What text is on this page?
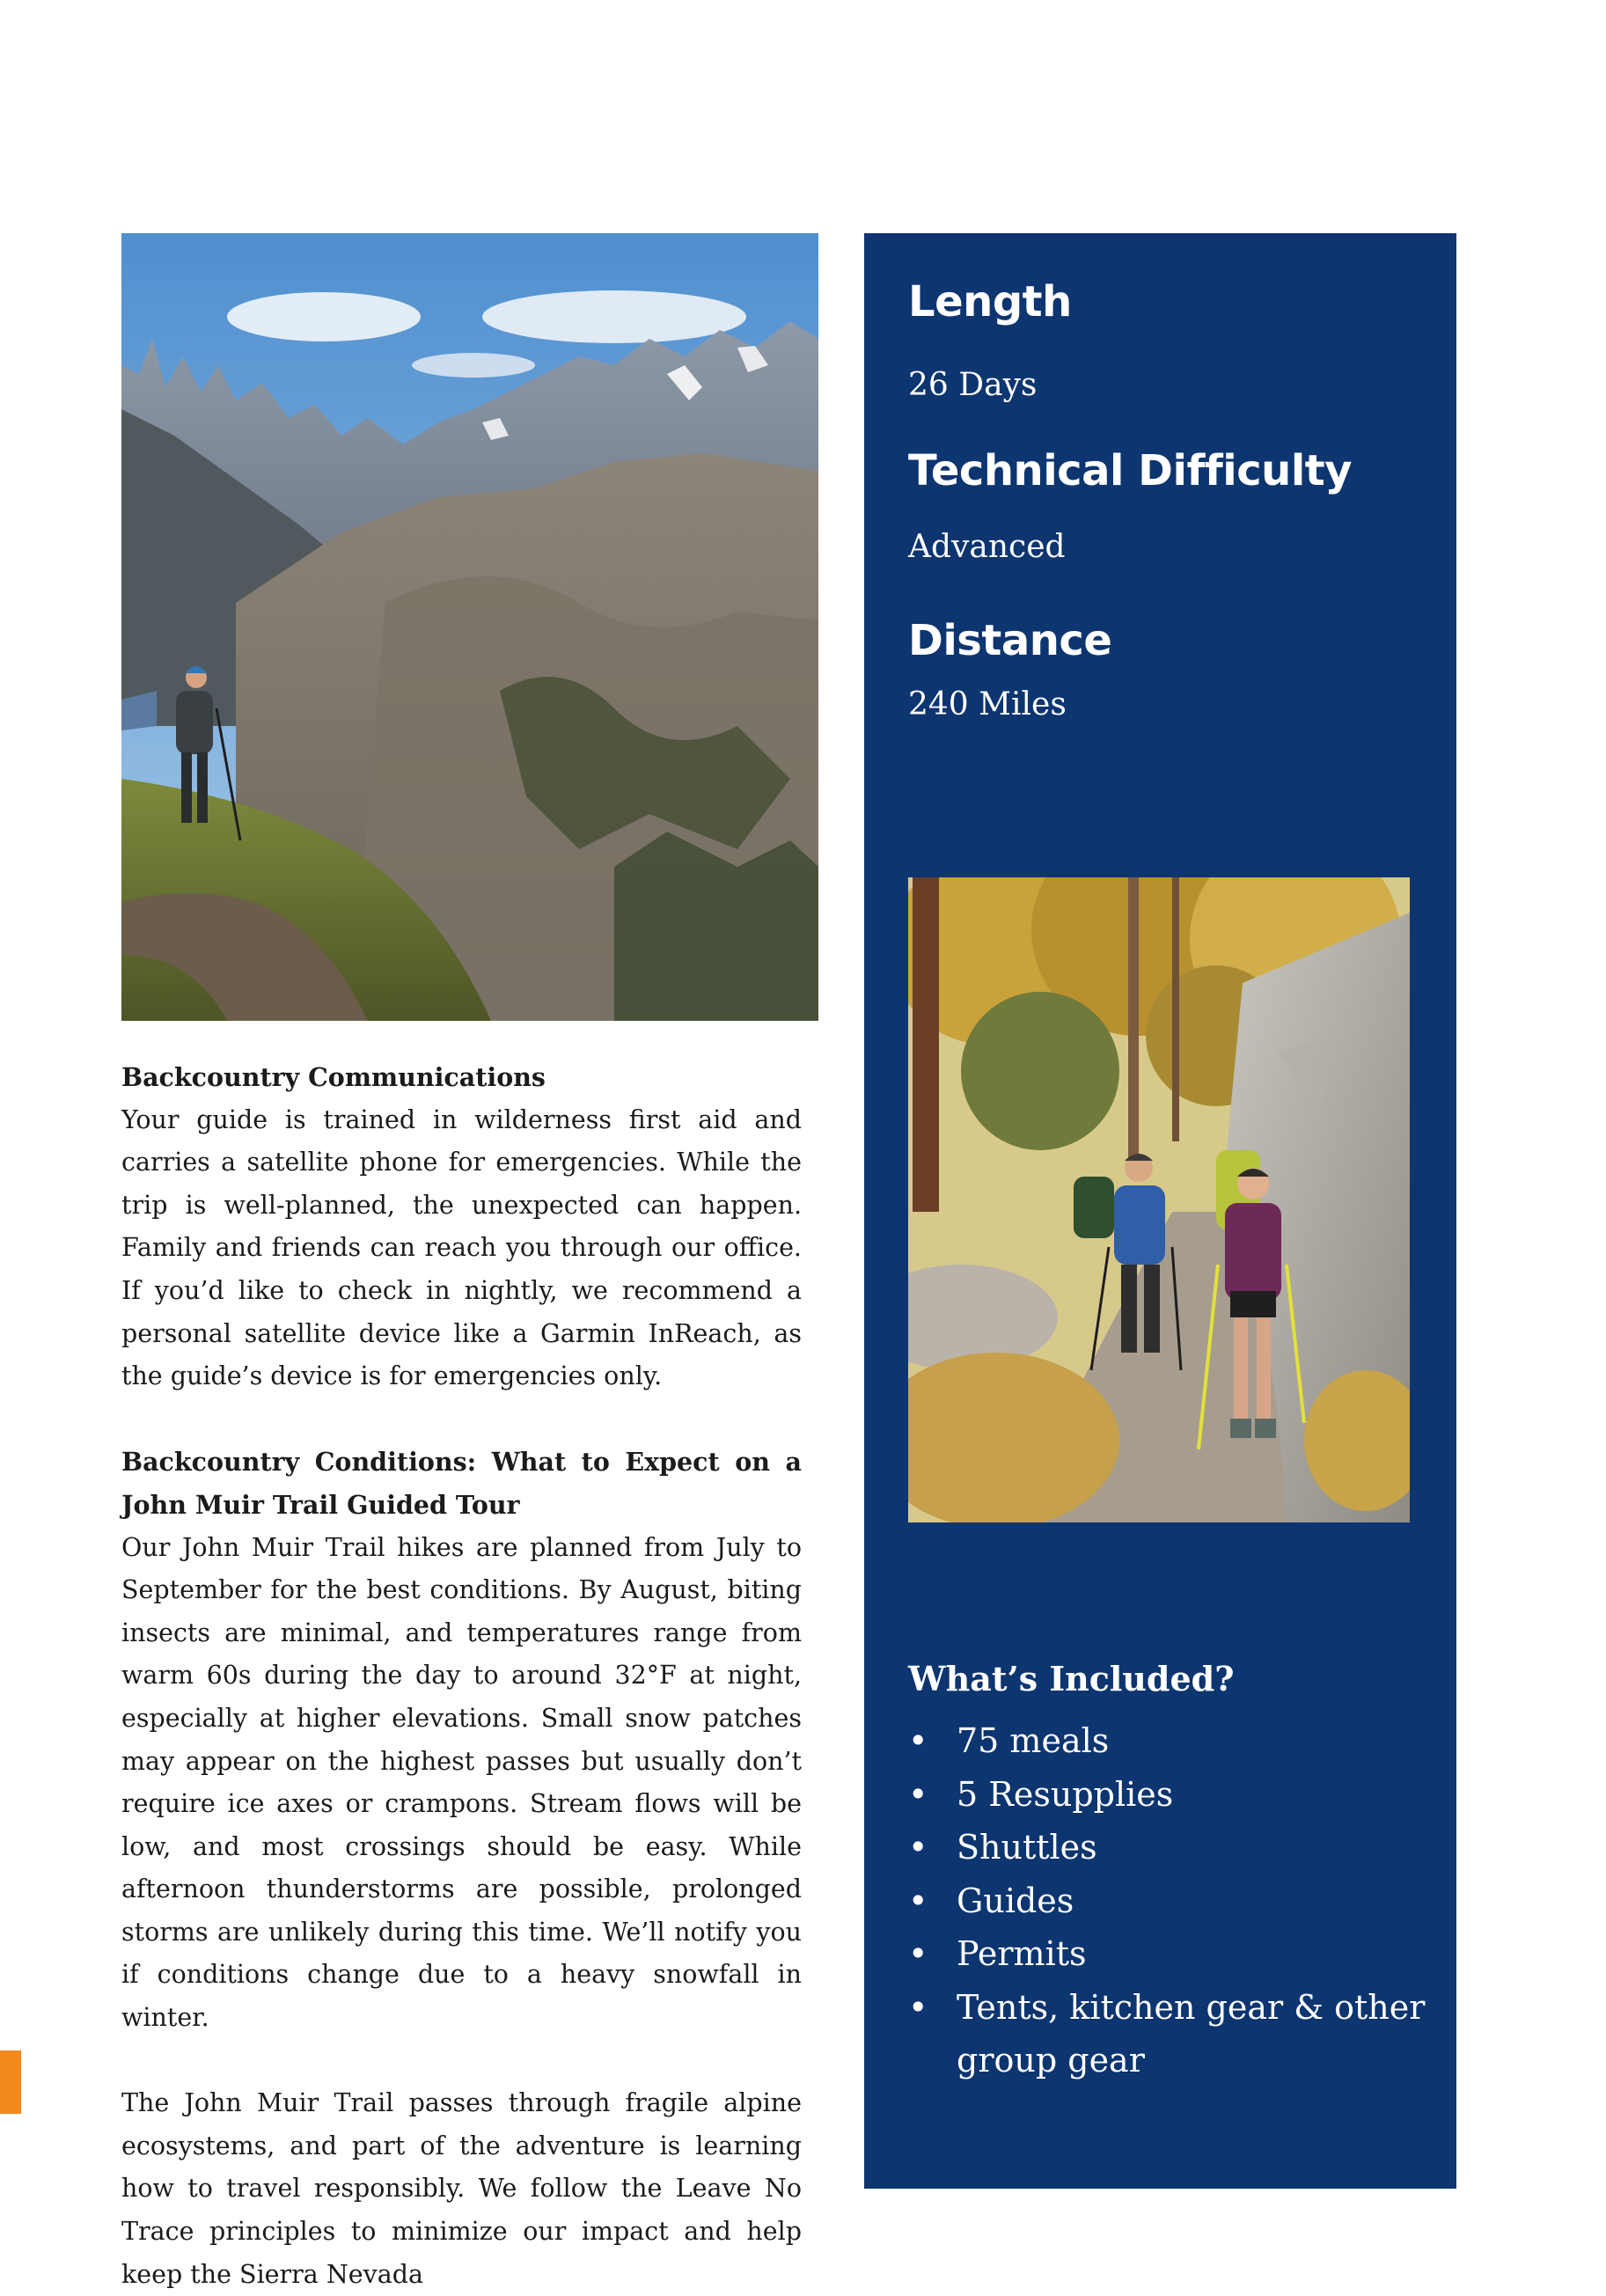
Length

26 Days

Technical Difficulty

Advanced

Distance

240 Miles

What’s Included?
• 75 meals
• 5 Resupplies
• Shuttles
• Guides
• Permits
• Tents, kitchen gear & other group gear
Backcountry Communications

Your guide is trained in wilderness first aid and carries a satellite phone for emergencies. While the trip is well-planned, the unexpected can happen. Family and friends can reach you through our office. If you’d like to check in nightly, we recommend a personal satellite device like a Garmin InReach, as the guide’s device is for emergencies only.

Backcountry Conditions: What to Expect on a John Muir Trail Guided Tour

Our John Muir Trail hikes are planned from July to September for the best conditions. By August, biting insects are minimal, and temperatures range from warm 60s during the day to around 32°F at night, especially at higher elevations. Small snow patches may appear on the highest passes but usually don’t require ice axes or crampons. Stream flows will be low, and most crossings should be easy. While afternoon thunderstorms are possible, prolonged storms are unlikely during this time. We’ll notify you if conditions change due to a heavy snowfall in winter.

The John Muir Trail passes through fragile alpine ecosystems, and part of the adventure is learning how to travel responsibly. We follow the Leave No Trace principles to minimize our impact and help keep the Sierra Nevada
